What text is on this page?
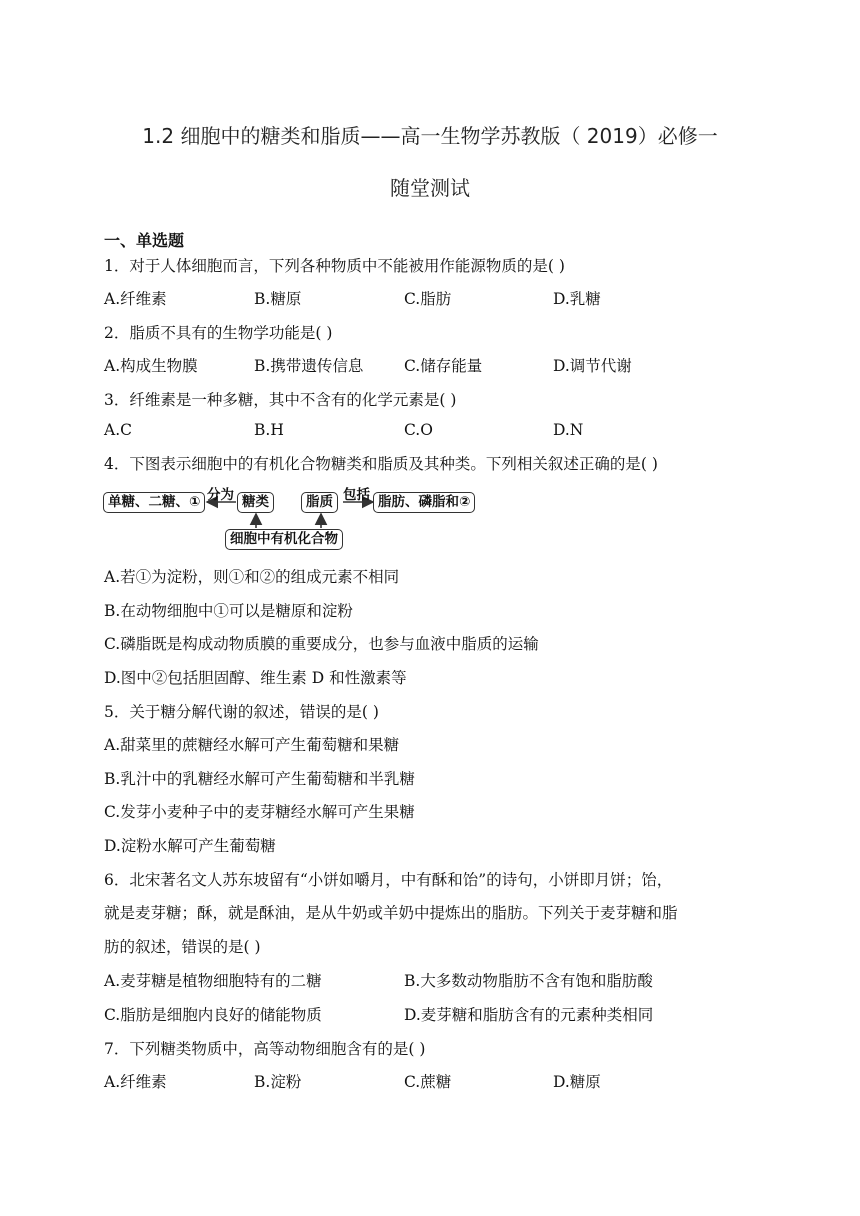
1.2 细胞中的糖类和脂质——高一生物学苏教版（ 2019）必修一
随堂测试
一、单选题
1．对于人体细胞而言，下列各种物质中不能被用作能源物质的是( )
A.纤维素	B.糖原	C.脂肪	D.乳糖
2．脂质不具有的生物学功能是( )
A.构成生物膜	B.携带遗传信息	C.储存能量	D.调节代谢
3．纤维素是一种多糖，其中不含有的化学元素是( )
A.C	B.H	C.O	D.N
4．下图表示细胞中的有机化合物糖类和脂质及其种类。下列相关叙述正确的是( )
单糖、二糖、① 分为 糖类	脂质 包括 脂肪、磷脂和②
细胞中有机化合物
A.若①为淀粉，则①和②的组成元素不相同
B.在动物细胞中①可以是糖原和淀粉
C.磷脂既是构成动物质膜的重要成分，也参与血液中脂质的运输
D.图中②包括胆固醇、维生素 D 和性激素等
5．关于糖分解代谢的叙述，错误的是( )
A.甜菜里的蔗糖经水解可产生葡萄糖和果糖
B.乳汁中的乳糖经水解可产生葡萄糖和半乳糖
C.发芽小麦种子中的麦芽糖经水解可产生果糖
D.淀粉水解可产生葡萄糖
6．北宋著名文人苏东坡留有“小饼如嚼月，中有酥和饴”的诗句，小饼即月饼；饴，
就是麦芽糖；酥，就是酥油，是从牛奶或羊奶中提炼出的脂肪。下列关于麦芽糖和脂
肪的叙述，错误的是( )
A.麦芽糖是植物细胞特有的二糖	B.大多数动物脂肪不含有饱和脂肪酸
C.脂肪是细胞内良好的储能物质	D.麦芽糖和脂肪含有的元素种类相同
7．下列糖类物质中，高等动物细胞含有的是( )
A.纤维素	B.淀粉	C.蔗糖	D.糖原
